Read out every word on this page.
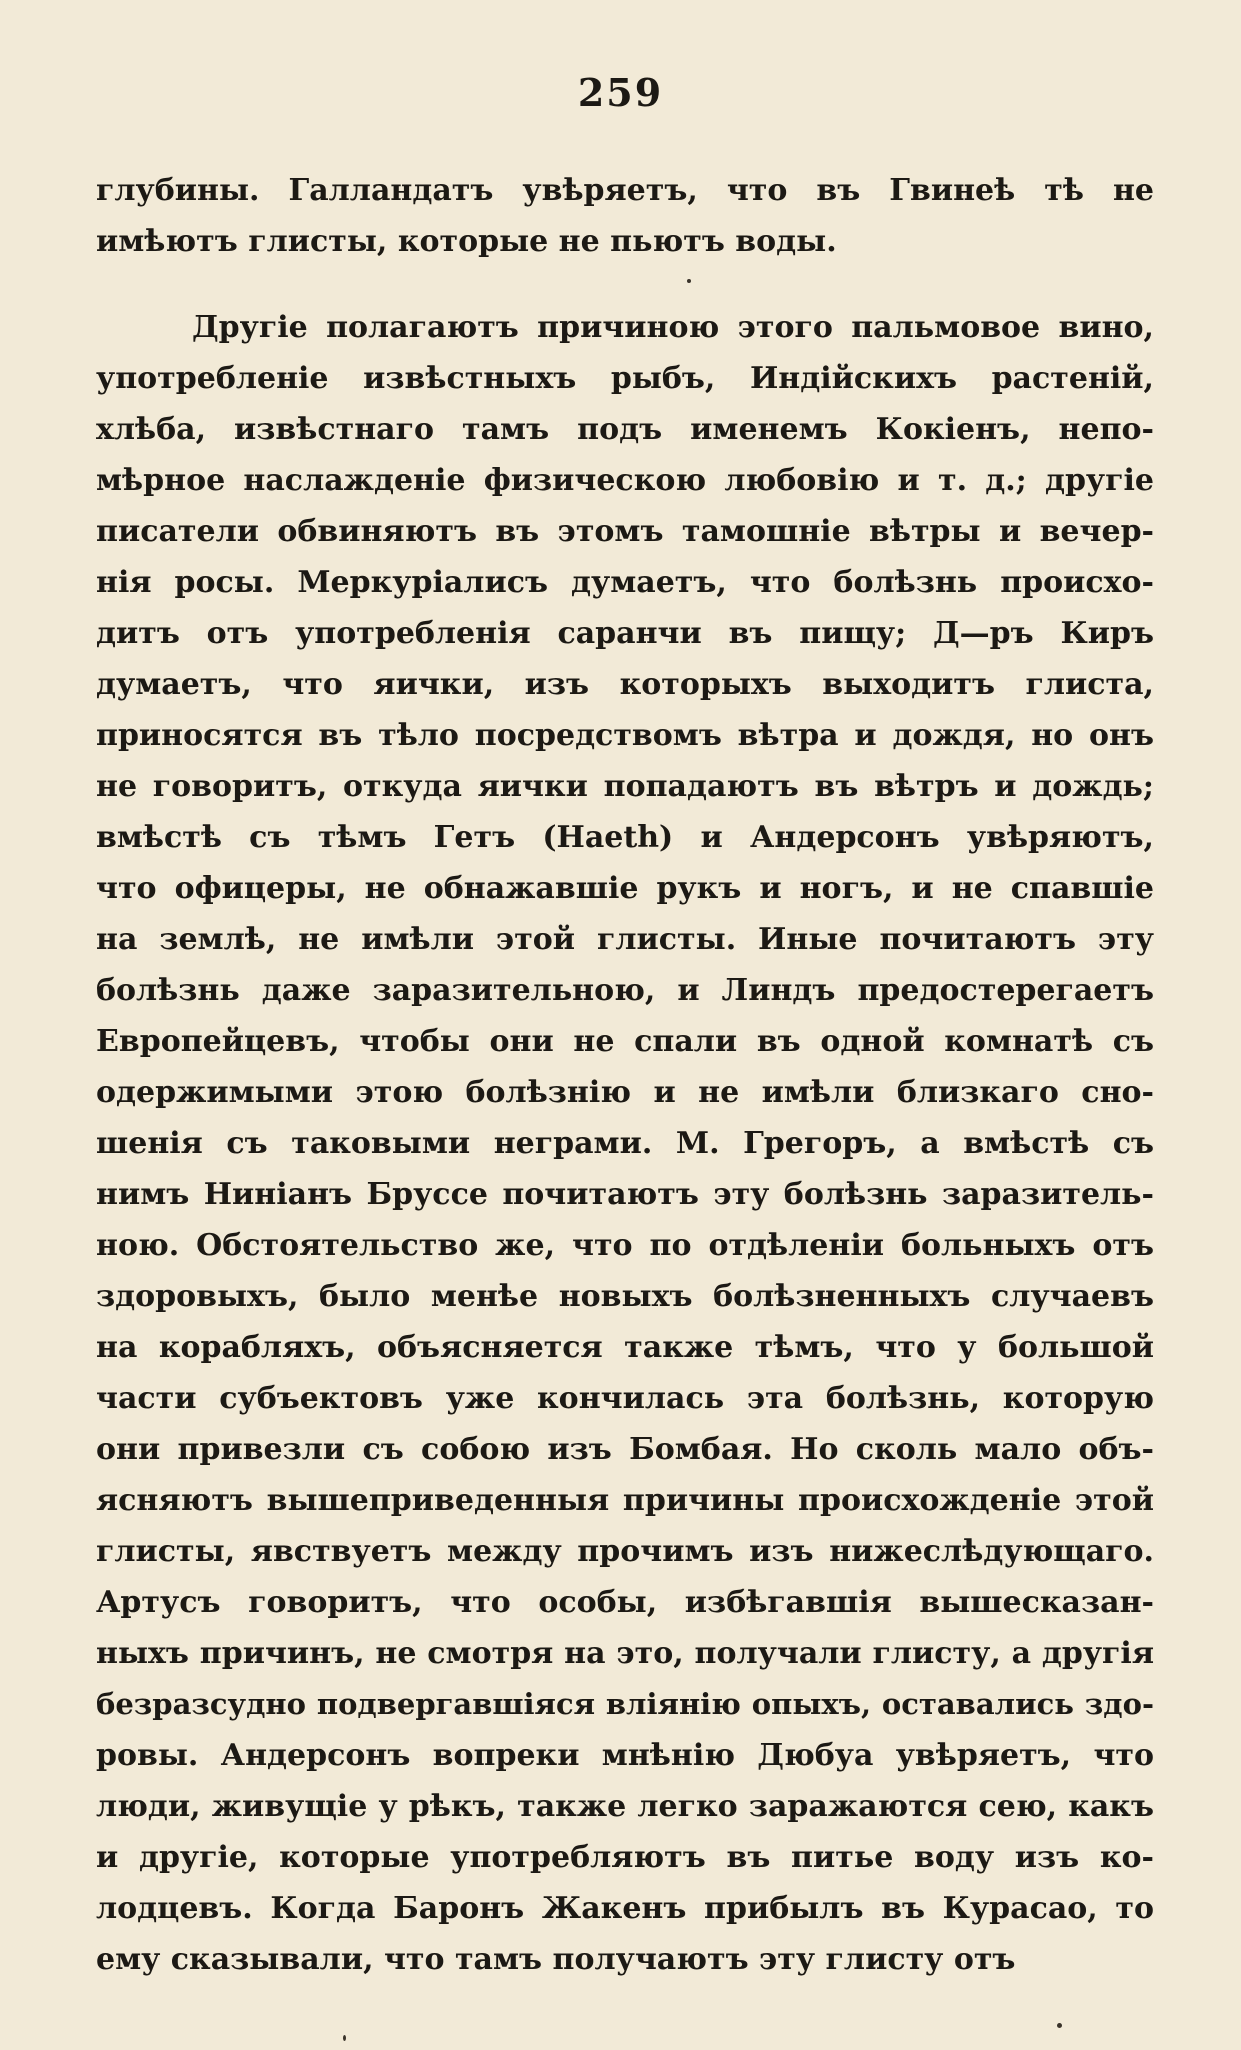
259
глубины. Галландатъ увѣряетъ, что въ Гвинеѣ тѣ не
имѣютъ глисты, которые не пьютъ воды.
Другіе полагаютъ причиною этого пальмовое вино,
употребленіе извѣстныхъ рыбъ, Индійскихъ растеній,
хлѣба, извѣстнаго тамъ подъ именемъ Кокіенъ, непо-
мѣрное наслажденіе физическою любовію и т. д.; другіе
писатели обвиняютъ въ этомъ тамошніе вѣтры и вечер-
нія росы. Меркуріалисъ думаетъ, что болѣзнь происхо-
дитъ отъ употребленія саранчи въ пищу; Д—ръ Киръ
думаетъ, что яички, изъ которыхъ выходитъ глиста,
приносятся въ тѣло посредствомъ вѣтра и дождя, но онъ
не говоритъ, откуда яички попадаютъ въ вѣтръ и дождь;
вмѣстѣ съ тѣмъ Гетъ (Haeth) и Андерсонъ увѣряютъ,
что офицеры, не обнажавшіе рукъ и ногъ, и не спавшіе
на землѣ, не имѣли этой глисты. Иные почитаютъ эту
болѣзнь даже заразительною, и Линдъ предостерегаетъ
Европейцевъ, чтобы они не спали въ одной комнатѣ съ
одержимыми этою болѣзнію и не имѣли близкаго сно-
шенія съ таковыми неграми. М. Грегоръ, а вмѣстѣ съ
нимъ Ниніанъ Бруссе почитаютъ эту болѣзнь заразитель-
ною. Обстоятельство же, что по отдѣленіи больныхъ отъ
здоровыхъ, было менѣе новыхъ болѣзненныхъ случаевъ
на корабляхъ, объясняется также тѣмъ, что у большой
части субъектовъ уже кончилась эта болѣзнь, которую
они привезли съ собою изъ Бомбая. Но сколь мало объ-
ясняютъ вышеприведенныя причины происхожденіе этой
глисты, явствуетъ между прочимъ изъ нижеслѣдующаго.
Артусъ говоритъ, что особы, избѣгавшія вышесказан-
ныхъ причинъ, не смотря на это, получали глисту, а другія
безразсудно подвергавшіяся вліянію опыхъ, оставались здо-
ровы. Андерсонъ вопреки мнѣнію Дюбуа увѣряетъ, что
люди, живущіе у рѣкъ, также легко заражаются сею, какъ
и другіе, которые употребляютъ въ питье воду изъ ко-
лодцевъ. Когда Баронъ Жакенъ прибылъ въ Курасао, то
ему сказывали, что тамъ получаютъ эту глисту отъ
